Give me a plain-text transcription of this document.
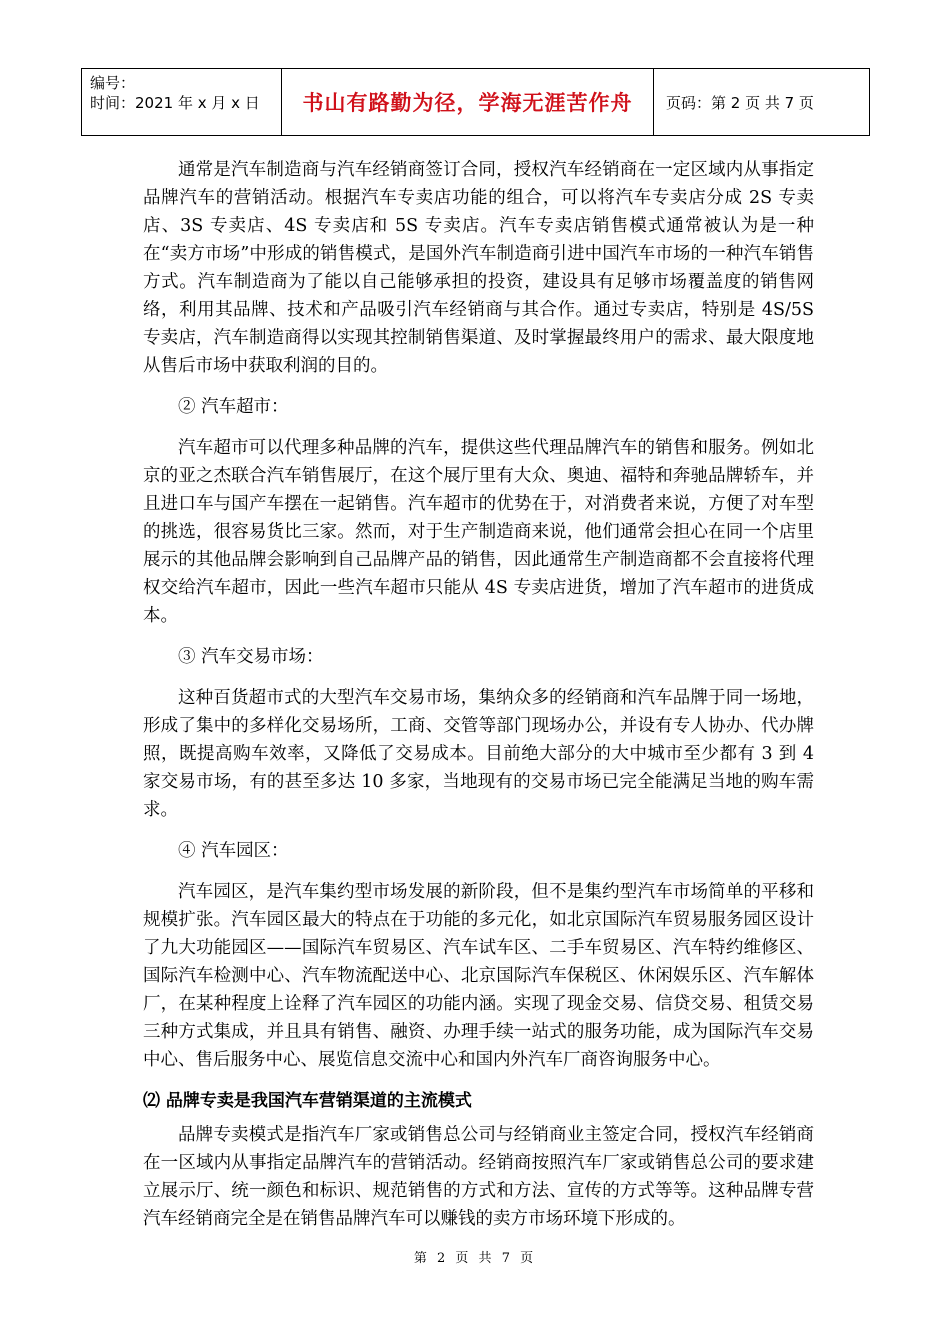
编号：
时间：2021 年 x 月 x 日	书山有路勤为径，学海无涯苦作舟	页码：第 2 页 共 7 页

通常是汽车制造商与汽车经销商签订合同，授权汽车经销商在一定区域内从事指定品牌汽车的营销活动。根据汽车专卖店功能的组合，可以将汽车专卖店分成 2S 专卖店、3S 专卖店、4S 专卖店和 5S 专卖店。汽车专卖店销售模式通常被认为是一种在“卖方市场”中形成的销售模式，是国外汽车制造商引进中国汽车市场的一种汽车销售方式。汽车制造商为了能以自己能够承担的投资，建设具有足够市场覆盖度的销售网络，利用其品牌、技术和产品吸引汽车经销商与其合作。通过专卖店，特别是 4S/5S 专卖店，汽车制造商得以实现其控制销售渠道、及时掌握最终用户的需求、最大限度地从售后市场中获取利润的目的。

② 汽车超市：

汽车超市可以代理多种品牌的汽车，提供这些代理品牌汽车的销售和服务。例如北京的亚之杰联合汽车销售展厅，在这个展厅里有大众、奥迪、福特和奔驰品牌轿车，并且进口车与国产车摆在一起销售。汽车超市的优势在于，对消费者来说，方便了对车型的挑选，很容易货比三家。然而，对于生产制造商来说，他们通常会担心在同一个店里展示的其他品牌会影响到自己品牌产品的销售，因此通常生产制造商都不会直接将代理权交给汽车超市，因此一些汽车超市只能从 4S 专卖店进货，增加了汽车超市的进货成本。

③ 汽车交易市场：

这种百货超市式的大型汽车交易市场，集纳众多的经销商和汽车品牌于同一场地，形成了集中的多样化交易场所，工商、交管等部门现场办公，并设有专人协办、代办牌照，既提高购车效率，又降低了交易成本。目前绝大部分的大中城市至少都有 3 到 4 家交易市场，有的甚至多达 10 多家，当地现有的交易市场已完全能满足当地的购车需求。

④ 汽车园区：

汽车园区，是汽车集约型市场发展的新阶段，但不是集约型汽车市场简单的平移和规模扩张。汽车园区最大的特点在于功能的多元化，如北京国际汽车贸易服务园区设计了九大功能园区——国际汽车贸易区、汽车试车区、二手车贸易区、汽车特约维修区、国际汽车检测中心、汽车物流配送中心、北京国际汽车保税区、休闲娱乐区、汽车解体厂，在某种程度上诠释了汽车园区的功能内涵。实现了现金交易、信贷交易、租赁交易三种方式集成，并且具有销售、融资、办理手续一站式的服务功能，成为国际汽车交易中心、售后服务中心、展览信息交流中心和国内外汽车厂商咨询服务中心。

⑵ 品牌专卖是我国汽车营销渠道的主流模式

品牌专卖模式是指汽车厂家或销售总公司与经销商业主签定合同，授权汽车经销商在一区域内从事指定品牌汽车的营销活动。经销商按照汽车厂家或销售总公司的要求建立展示厅、统一颜色和标识、规范销售的方式和方法、宣传的方式等等。这种品牌专营汽车经销商完全是在销售品牌汽车可以赚钱的卖方市场环境下形成的。

第 2 页 共 7 页
